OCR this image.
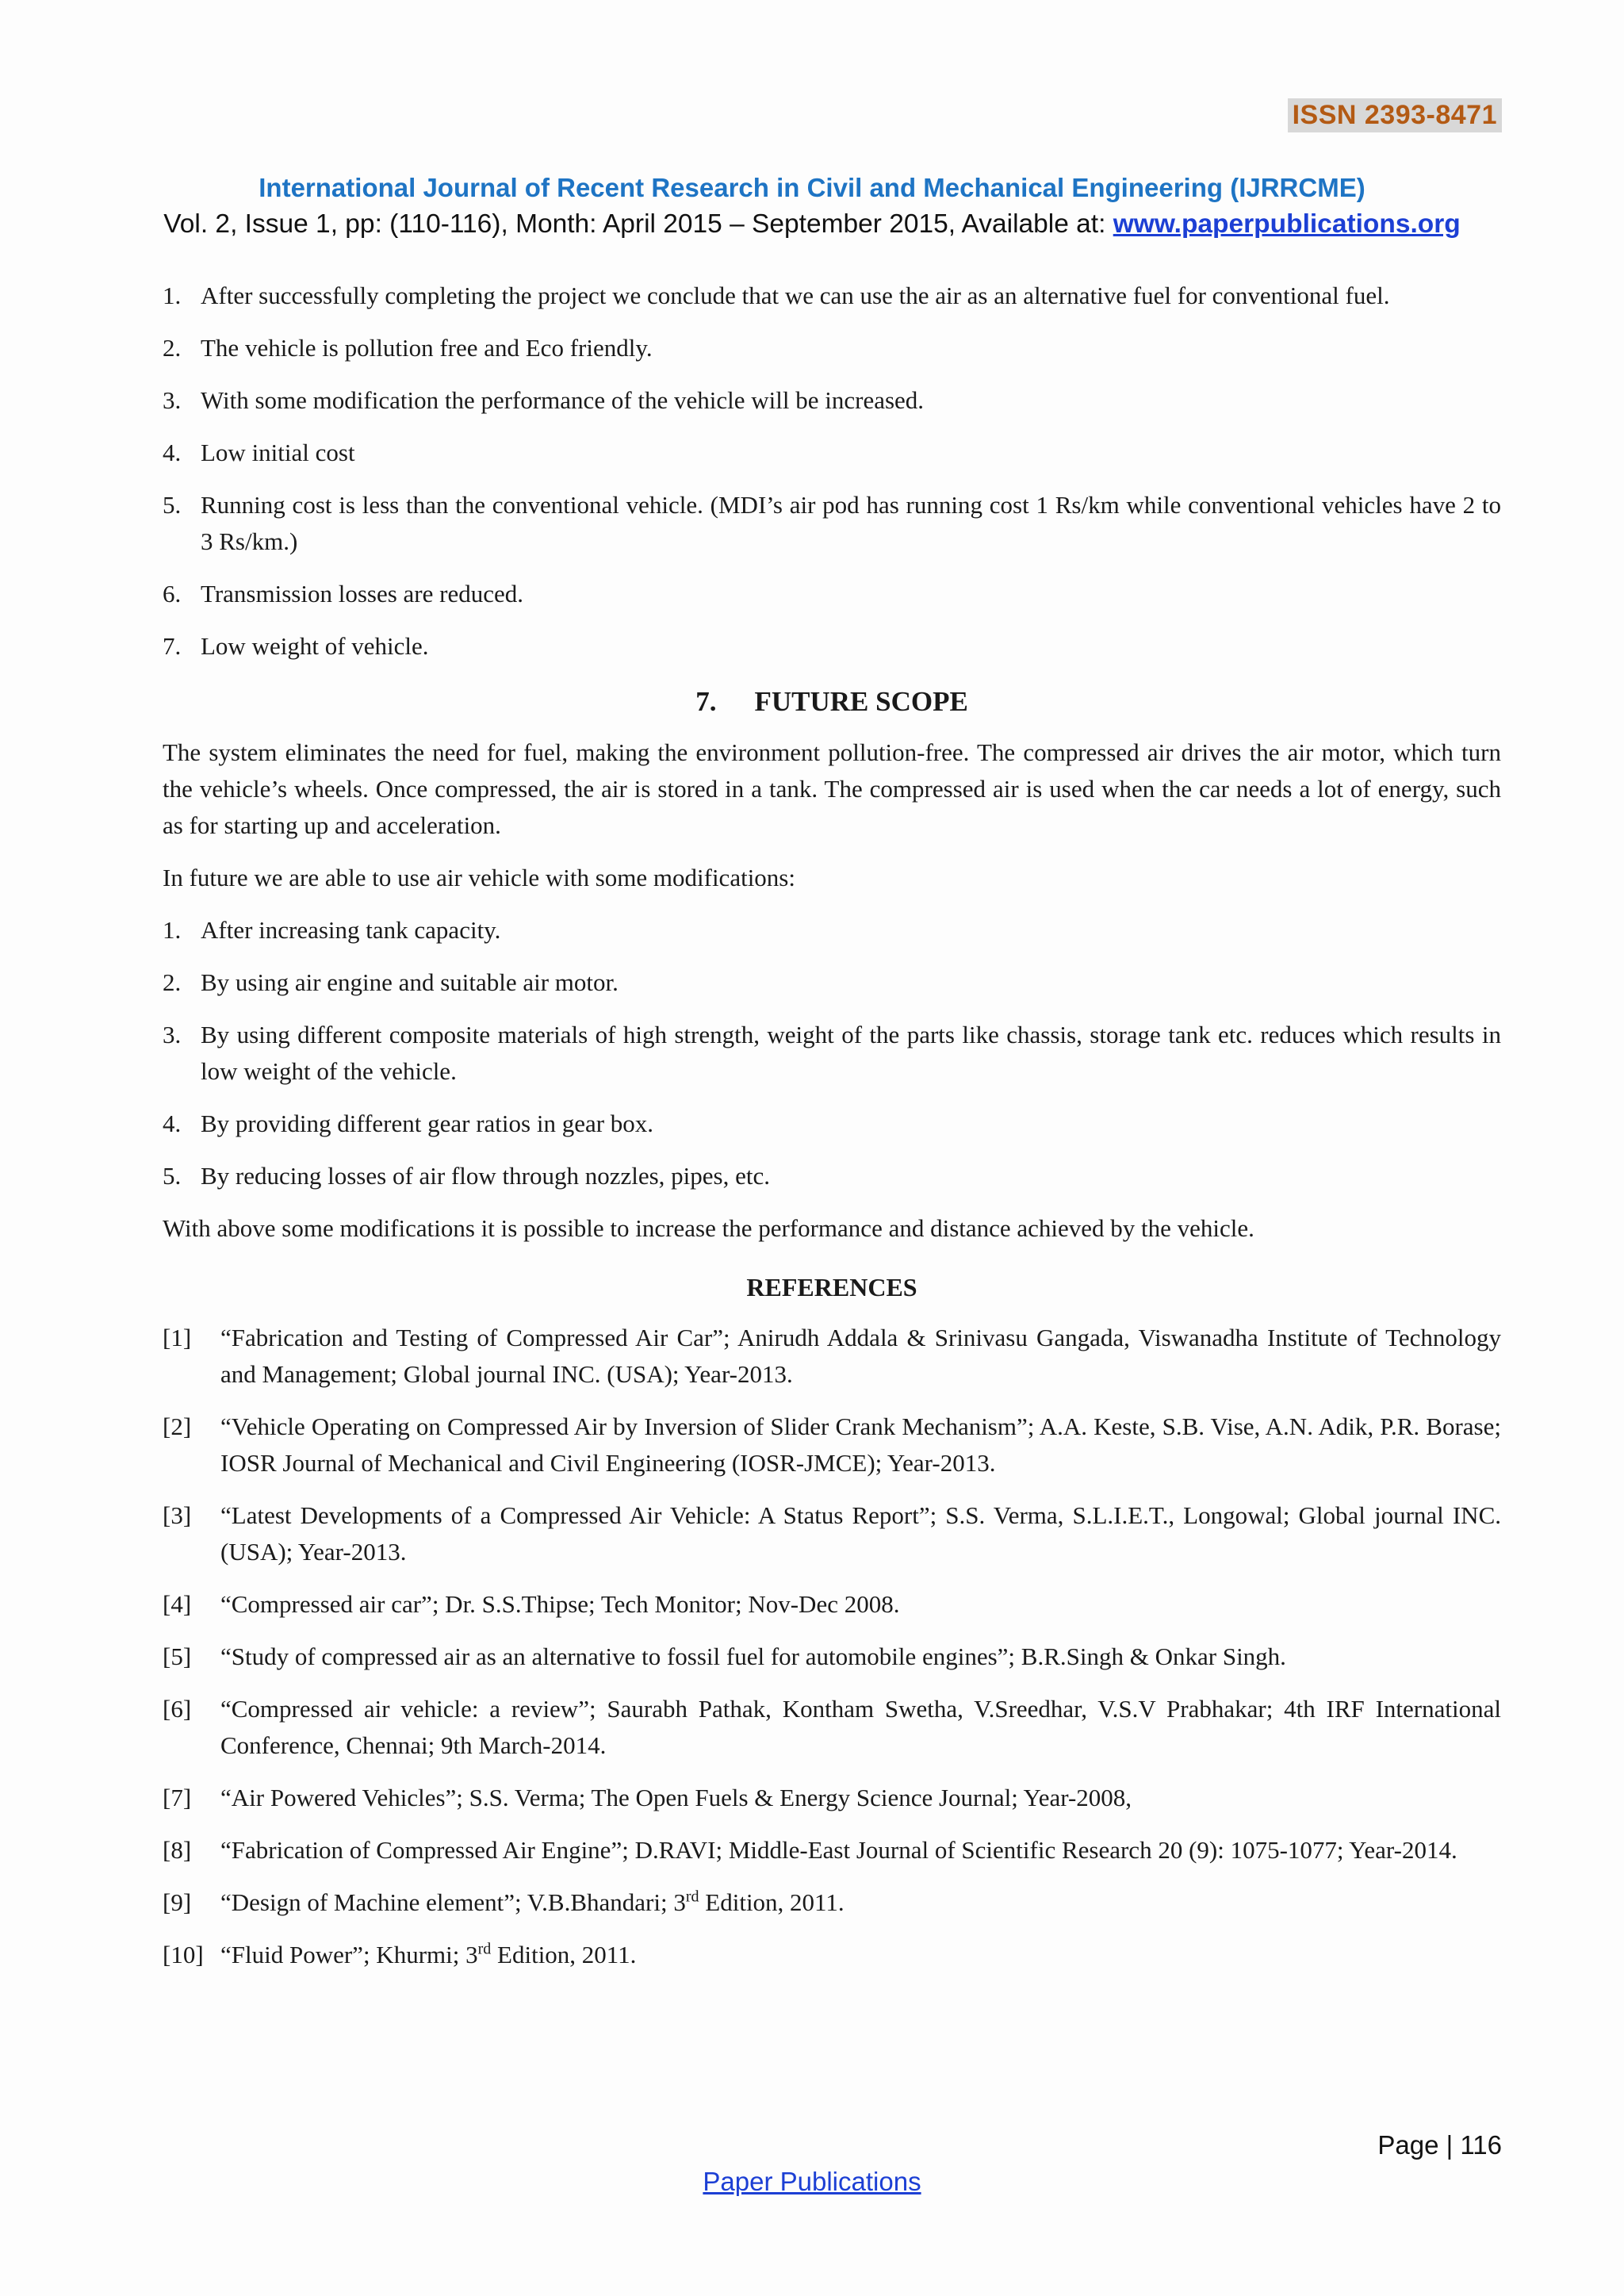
ISSN 2393-8471
International Journal of Recent Research in Civil and Mechanical Engineering (IJRRCME)
Vol. 2, Issue 1, pp: (110-116), Month: April 2015 – September 2015, Available at: www.paperpublications.org
1. After successfully completing the project we conclude that we can use the air as an alternative fuel for conventional fuel.
2. The vehicle is pollution free and Eco friendly.
3. With some modification the performance of the vehicle will be increased.
4. Low initial cost
5. Running cost is less than the conventional vehicle. (MDI’s air pod has running cost 1 Rs/km while conventional vehicles have 2 to 3 Rs/km.)
6. Transmission losses are reduced.
7. Low weight of vehicle.
7. FUTURE SCOPE

The system eliminates the need for fuel, making the environment pollution-free. The compressed air drives the air motor, which turn the vehicle’s wheels. Once compressed, the air is stored in a tank. The compressed air is used when the car needs a lot of energy, such as for starting up and acceleration.

In future we are able to use air vehicle with some modifications:

1. After increasing tank capacity.
2. By using air engine and suitable air motor.
3. By using different composite materials of high strength, weight of the parts like chassis, storage tank etc. reduces which results in low weight of the vehicle.
4. By providing different gear ratios in gear box.
5. By reducing losses of air flow through nozzles, pipes, etc.

With above some modifications it is possible to increase the performance and distance achieved by the vehicle.

REFERENCES
[1] “Fabrication and Testing of Compressed Air Car”; Anirudh Addala & Srinivasu Gangada, Viswanadha Institute of Technology and Management; Global journal INC. (USA); Year-2013.
[2] “Vehicle Operating on Compressed Air by Inversion of Slider Crank Mechanism”; A.A. Keste, S.B. Vise, A.N. Adik, P.R. Borase; IOSR Journal of Mechanical and Civil Engineering (IOSR-JMCE); Year-2013.
[3] “Latest Developments of a Compressed Air Vehicle: A Status Report”; S.S. Verma, S.L.I.E.T., Longowal; Global journal INC. (USA); Year-2013.
[4] “Compressed air car”; Dr. S.S.Thipse; Tech Monitor; Nov-Dec 2008.
[5] “Study of compressed air as an alternative to fossil fuel for automobile engines”; B.R.Singh & Onkar Singh.
[6] “Compressed air vehicle: a review”; Saurabh Pathak, Kontham Swetha, V.Sreedhar, V.S.V Prabhakar; 4th IRF International Conference, Chennai; 9th March-2014.
[7] “Air Powered Vehicles”; S.S. Verma; The Open Fuels & Energy Science Journal; Year-2008,
[8] “Fabrication of Compressed Air Engine”; D.RAVI; Middle-East Journal of Scientific Research 20 (9): 1075-1077; Year-2014.
[9] “Design of Machine element”; V.B.Bhandari; 3rd Edition, 2011.
[10] “Fluid Power”; Khurmi; 3rd Edition, 2011.
Page | 116
Paper Publications
